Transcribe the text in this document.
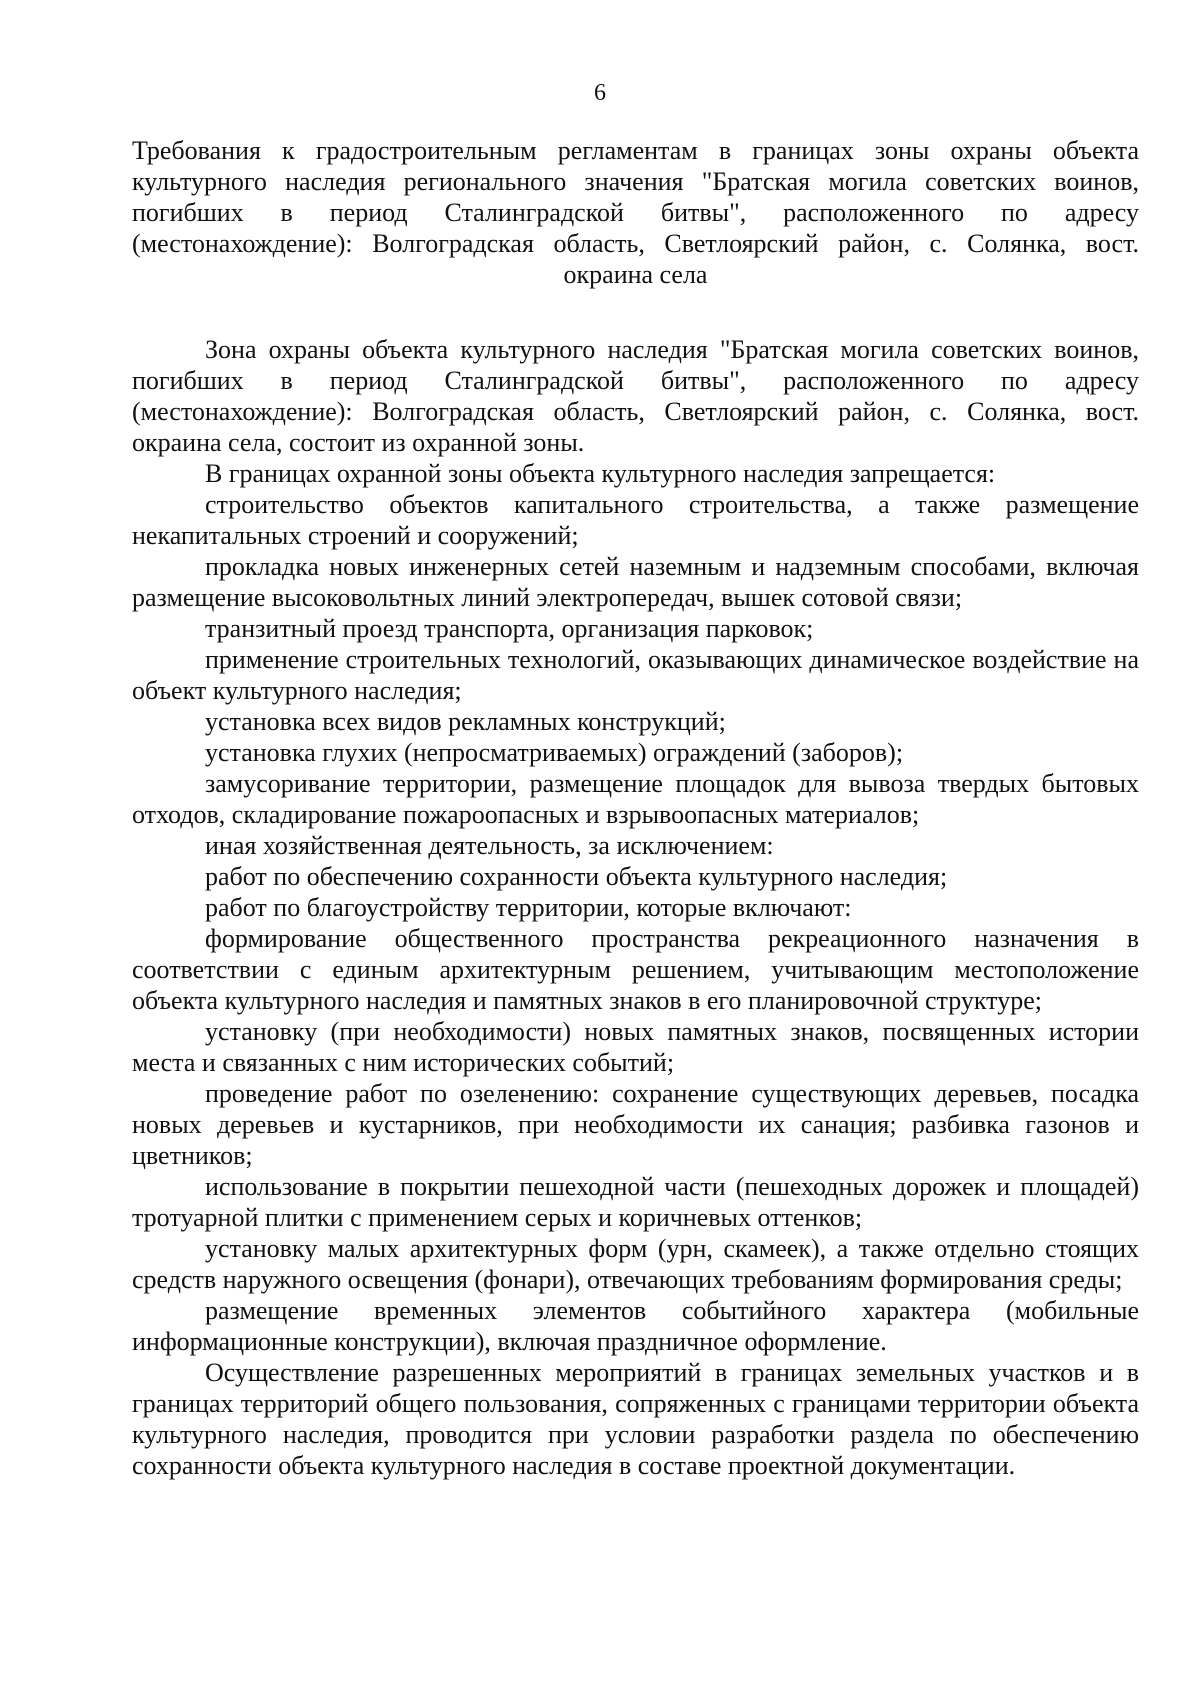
6
Требования к градостроительным регламентам в границах зоны охраны объекта культурного наследия регионального значения "Братская могила советских воинов, погибших в период Сталинградской битвы", расположенного по адресу (местонахождение): Волгоградская область, Светлоярский район, с. Солянка, вост. окраина села

Зона охраны объекта культурного наследия "Братская могила советских воинов, погибших в период Сталинградской битвы", расположенного по адресу (местонахождение): Волгоградская область, Светлоярский район, с. Солянка, вост. окраина села, состоит из охранной зоны.

В границах охранной зоны объекта культурного наследия запрещается:

строительство объектов капитального строительства, а также размещение некапитальных строений и сооружений;

прокладка новых инженерных сетей наземным и надземным способами, включая размещение высоковольтных линий электропередач, вышек сотовой связи;

транзитный проезд транспорта, организация парковок;

применение строительных технологий, оказывающих динамическое воздействие на объект культурного наследия;

установка всех видов рекламных конструкций;

установка глухих (непросматриваемых) ограждений (заборов);

замусоривание территории, размещение площадок для вывоза твердых бытовых отходов, складирование пожароопасных и взрывоопасных материалов;

иная хозяйственная деятельность, за исключением:

работ по обеспечению сохранности объекта культурного наследия;

работ по благоустройству территории, которые включают:

формирование общественного пространства рекреационного назначения в соответствии с единым архитектурным решением, учитывающим местоположение объекта культурного наследия и памятных знаков в его планировочной структуре;

установку (при необходимости) новых памятных знаков, посвященных истории места и связанных с ним исторических событий;

проведение работ по озеленению: сохранение существующих деревьев, посадка новых деревьев и кустарников, при необходимости их санация; разбивка газонов и цветников;

использование в покрытии пешеходной части (пешеходных дорожек и площадей) тротуарной плитки с применением серых и коричневых оттенков;

установку малых архитектурных форм (урн, скамеек), а также отдельно стоящих средств наружного освещения (фонари), отвечающих требованиям формирования среды;

размещение временных элементов событийного характера (мобильные информационные конструкции), включая праздничное оформление.

Осуществление разрешенных мероприятий в границах земельных участков и в границах территорий общего пользования, сопряженных с границами территории объекта культурного наследия, проводится при условии разработки раздела по обеспечению сохранности объекта культурного наследия в составе проектной документации.
